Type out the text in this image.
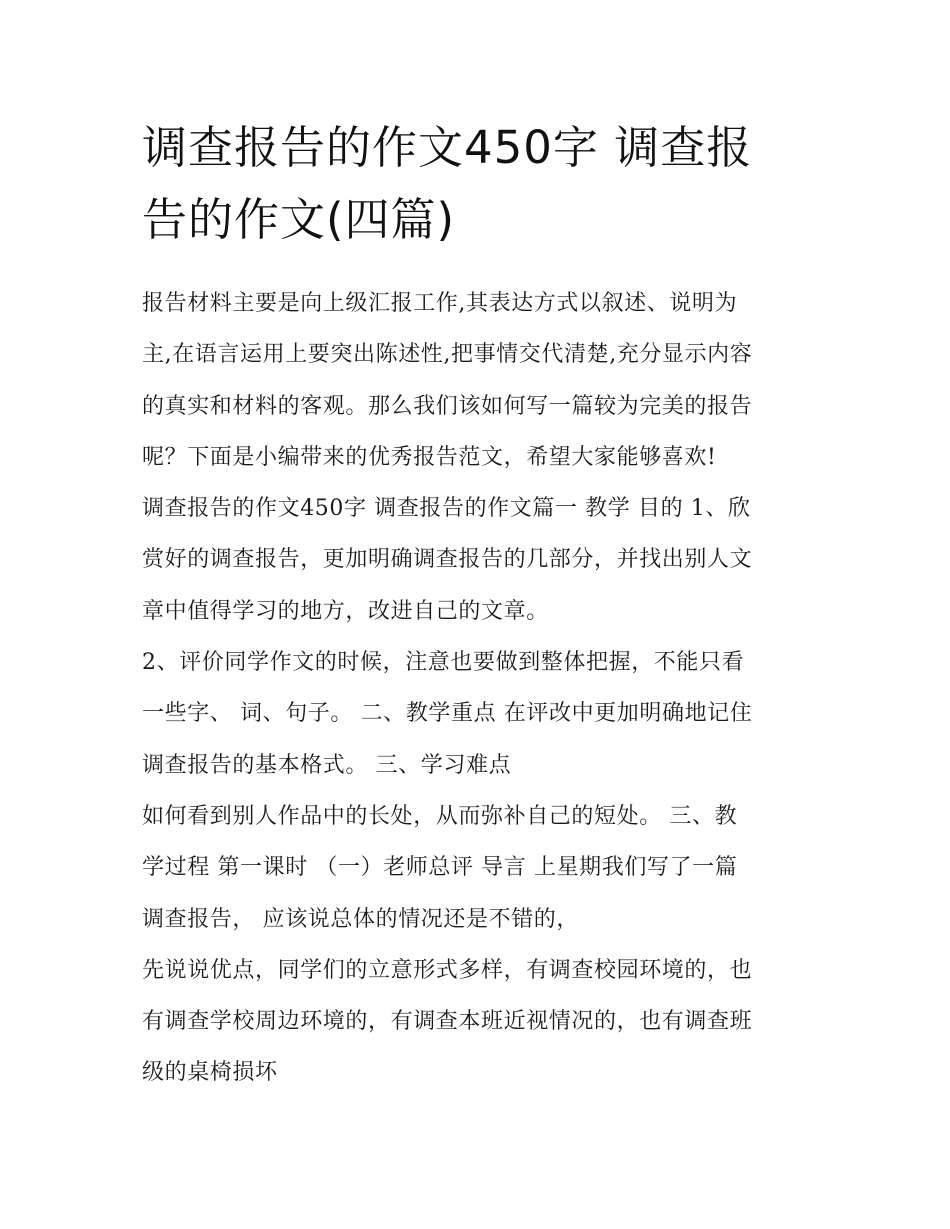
调查报告的作文450字 调查报
告的作文(四篇)
报告材料主要是向上级汇报工作,其表达方式以叙述、说明为
主,在语言运用上要突出陈述性,把事情交代清楚,充分显示内容
的真实和材料的客观。那么我们该如何写一篇较为完美的报告
呢？下面是小编带来的优秀报告范文，希望大家能够喜欢!
调查报告的作文450字 调查报告的作文篇一 教学 目的 1、欣
赏好的调查报告，更加明确调查报告的几部分，并找出别人文
章中值得学习的地方，改进自己的文章。
2、评价同学作文的时候，注意也要做到整体把握，不能只看
一些字、 词、句子。 二、教学重点 在评改中更加明确地记住
调查报告的基本格式。 三、学习难点
如何看到别人作品中的长处，从而弥补自己的短处。 三、教
学过程 第一课时 （一）老师总评 导言 上星期我们写了一篇
调查报告， 应该说总体的情况还是不错的，
先说说优点，同学们的立意形式多样，有调查校园环境的，也
有调查学校周边环境的，有调查本班近视情况的，也有调查班
级的桌椅损坏
